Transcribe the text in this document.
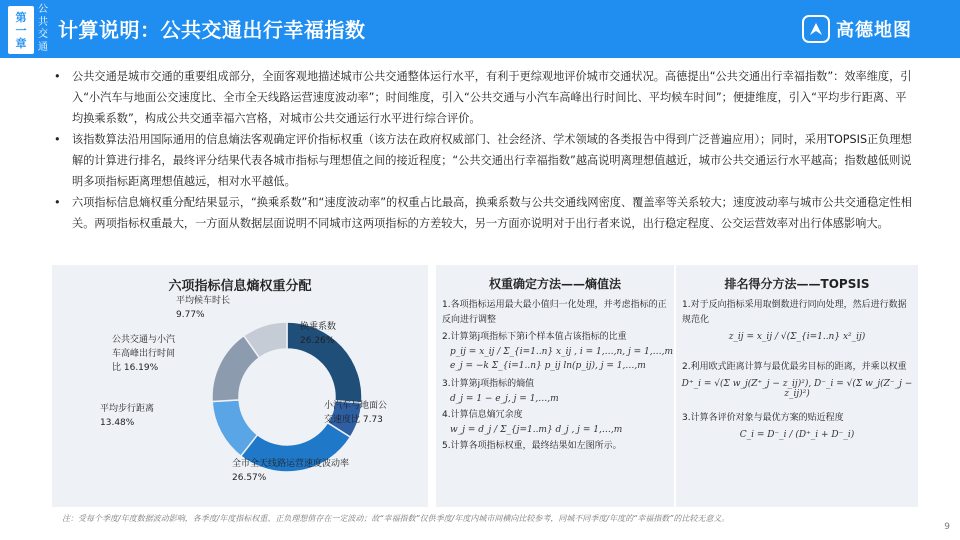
第
一
章
公
共
交
通
计算说明：公共交通出行幸福指数	高德地图
•	公共交通是城市交通的重要组成部分，全面客观地描述城市公共交通整体运行水平，有利于更综观地评价城市交通状况。高德提出“公共交通出行幸福指数”：效率维度，引入“小汽车与地面公交速度比、全市全天线路运营速度波动率”；时间维度，引入“公共交通与小汽车高峰出行时间比、平均候车时间”；便捷维度，引入“平均步行距离、平均换乘系数”，构成公共交通幸福六宫格，对城市公共交通运行水平进行综合评价。
•	该指数算法沿用国际通用的信息熵法客观确定评价指标权重（该方法在政府权威部门、社会经济、学术领域的各类报告中得到广泛普遍应用）；同时，采用TOPSIS正负理想解的计算进行排名，最终评分结果代表各城市指标与理想值之间的接近程度；“公共交通出行幸福指数”越高说明离理想值越近，城市公共交通运行水平越高；指数越低则说明多项指标距离理想值越远，相对水平越低。
•	六项指标信息熵权重分配结果显示，“换乘系数”和“速度波动率”的权重占比最高，换乘系数与公共交通线网密度、覆盖率等关系较大；速度波动率与城市公共交通稳定性相关。两项指标权重最大，一方面从数据层面说明不同城市这两项指标的方差较大，另一方面亦说明对于出行者来说，出行稳定程度、公交运营效率对出行体感影响大。
换乘系数
26.26%
小汽车与地面公
交速度比 7.73
全市全天线路运营速度波动率
26.57%
平均步行距离
13.48%
公共交通与小汽
车高峰出行时间
比 16.19%
平均候车时长
9.77%
六项指标信息熵权重分配	权重确定方法——熵值法
1.各项指标运用最大最小值归一化处理，并考虑指标的正反向进行调整
2.计算第j项指标下第i个样本值占该指标的比重
p_ij = x_ij / Σ_{i=1..n} x_ij , i = 1,…,n, j = 1,…,m
e_j = −k Σ_{i=1..n} p_ij ln(p_ij), j = 1,…,m
3.计算第j项指标的熵值
d_j = 1 − e_j, j = 1,…,m
4.计算信息熵冗余度
w_j = d_j / Σ_{j=1..m} d_j , j = 1,…,m
5.计算各项指标权重，最终结果如左图所示。
排名得分方法——TOPSIS
1.对于反向指标采用取倒数进行同向处理，然后进行数据规范化
z_ij = x_ij / √(Σ_{i=1..n} x²_ij)
2.利用欧式距离计算与最优最劣目标的距离，并乘以权重
D⁺_i = √(Σ w_j(Z⁺_j − z_ij)²), D⁻_i = √(Σ w_j(Z⁻_j − z_ij)²)
3.计算各评价对象与最优方案的贴近程度
C_i = D⁻_i / (D⁺_i + D⁻_i)
注：受每个季度/年度数据波动影响，各季度/年度指标权重、正负理想值存在一定波动；故“幸福指数”仅供季度/年度内城市间横向比较参考，同城不同季度/年度的“幸福指数”的比较无意义。
9
